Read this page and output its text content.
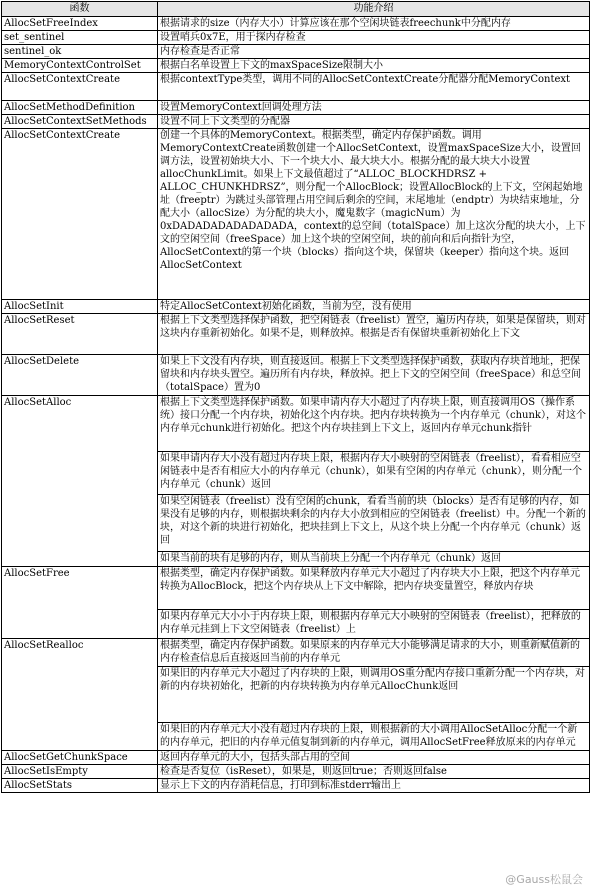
函数	功能介绍
AllocSetFreeIndex	根据请求的size（内存大小）计算应该在那个空闲块链表freechunk中分配内存
set_sentinel	设置哨兵0x7E，用于探内存检查
sentinel_ok	内存检查是否正常
MemoryContextControlSet	根据白名单设置上下文的maxSpaceSize限制大小
AllocSetContextCreate	根据contextType类型，调用不同的AllocSetContextCreate分配器分配MemoryContext
AllocSetMethodDefinition	设置MemoryContext回调处理方法
AllocSetContextSetMethods	设置不同上下文类型的分配器
AllocSetContextCreate	创建一个具体的MemoryContext。根据类型，确定内存保护函数。调用MemoryContextCreate函数创建一个AllocSetContext，设置maxSpaceSize大小，设置回调方法，设置初始块大小、下一个块大小、最大块大小。根据分配的最大块大小设置allocChunkLimit。如果上下文最值超过了“ALLOC_BLOCKHDRSZ + ALLOC_CHUNKHDRSZ”，则分配一个AllocBlock；设置AllocBlock的上下文，空闲起始地址（freeptr）为跳过头部管理占用空间后剩余的空间，末尾地址（endptr）为块结束地址，分配大小（allocSize）为分配的块大小，魔鬼数字（magicNum）为0xDADADADADADADADA，context的总空间（totalSpace）加上这次分配的块大小，上下文的空闲空间（freeSpace）加上这个块的空闲空间，块的前向和后向指针为空，AllocSetContext的第一个块（blocks）指向这个块，保留块（keeper）指向这个块。返回AllocSetContext
AllocSetInit	特定AllocSetContext初始化函数，当前为空，没有使用
AllocSetReset	根据上下文类型选择保护函数，把空闲链表（freelist）置空，遍历内存块，如果是保留块，则对这块内存重新初始化。如果不是，则释放掉。根据是否有保留块重新初始化上下文
AllocSetDelete	如果上下文没有内存块，则直接返回。根据上下文类型选择保护函数，获取内存块首地址，把保留块和内存块头置空。遍历所有内存块，释放掉。把上下文的空闲空间（freeSpace）和总空间（totalSpace）置为0
AllocSetAlloc	根据上下文类型选择保护函数。如果申请内存大小超过了内存块上限，则直接调用OS（操作系统）接口分配一个内存块，初始化这个内存块。把内存块转换为一个内存单元（chunk），对这个内存单元chunk进行初始化。把这个内存块挂到上下文上，返回内存单元chunk指针
	如果申请内存大小没有超过内存块上限，根据内存大小映射的空闲链表（freelist），看看相应空闲链表中是否有相应大小的内存单元（chunk），如果有空闲的内存单元（chunk），则分配一个内存单元（chunk）返回
	如果空闲链表（freelist）没有空闲的chunk，看看当前的块（blocks）是否有足够的内存，如果没有足够的内存，则根据块剩余的内存大小放到相应的空闲链表（freelist）中。分配一个新的块，对这个新的块进行初始化，把块挂到上下文上，从这个块上分配一个内存单元（chunk）返回
	如果当前的块有足够的内存，则从当前块上分配一个内存单元（chunk）返回
AllocSetFree	根据类型，确定内存保护函数。如果释放内存单元大小超过了内存块大小上限，把这个内存单元转换为AllocBlock，把这个内存块从上下文中解除，把内存块变量置空，释放内存块
	如果内存单元大小小于内存块上限，则根据内存单元大小映射的空闲链表（freelist），把释放的内存单元挂到上下文空闲链表（freelist）上
AllocSetRealloc	根据类型，确定内存保护函数。如果原来的内存单元大小能够满足请求的大小，则重新赋值新的内存检查信息后直接返回当前的内存单元
	如果旧的内存单元大小超过了内存块的上限，则调用OS重分配内存接口重新分配一个内存块，对新的内存块初始化，把新的内存块转换为内存单元AllocChunk返回
	如果旧的内存单元大小没有超过内存块的上限，则根据新的大小调用AllocSetAlloc分配一个新的内存单元，把旧的内存单元值复制到新的内存单元，调用AllocSetFree释放原来的内存单元
AllocSetGetChunkSpace	返回内存单元的大小，包括头部占用的空间
AllocSetIsEmpty	检查是否复位（isReset），如果是，则返回true；否则返回false
AllocSetStats	显示上下文的内存消耗信息，打印到标准stderr输出上
@Gauss松鼠会
